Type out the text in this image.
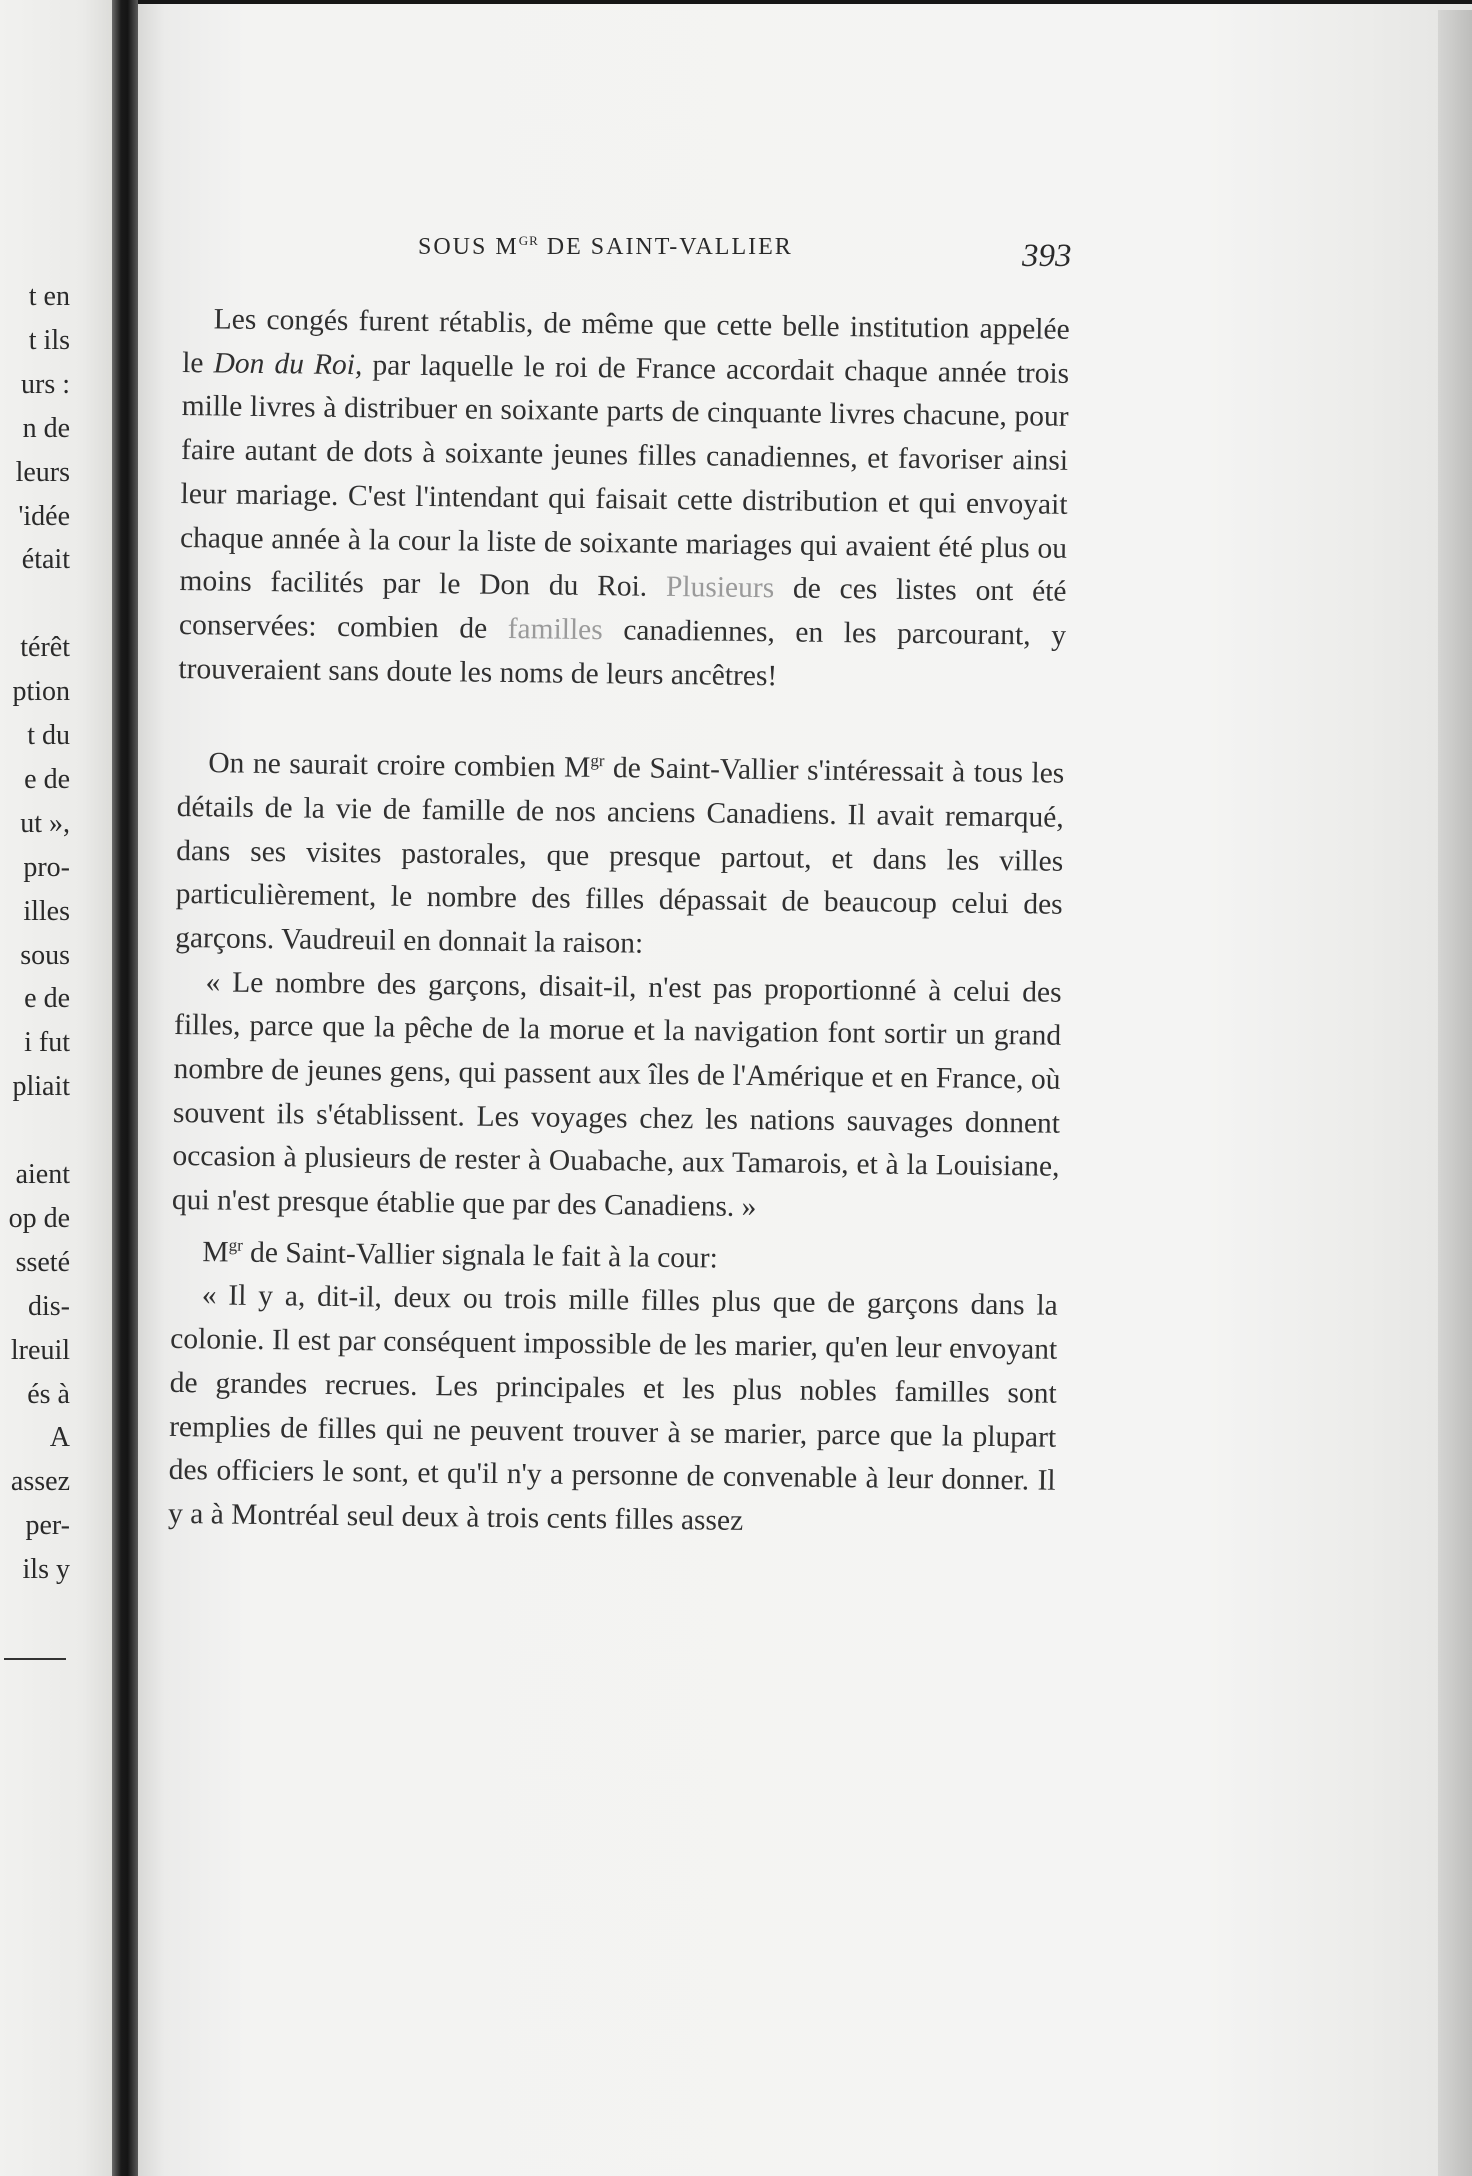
t en
t ils
urs :
n de
leurs
'idée
était
térêt
ption
t du
e de
ut »,
pro-
illes
sous
e de
i fut
pliait
aient
op de
sseté
dis-
lreuil
és à
A
assez
per-
ils y
SOUS $M^{GR}$ DE SAINT-VALLIER	393

Les congés furent rétablis, de même que cette belle institution appelée le Don du Roi, par laquelle le roi de France accordait chaque année trois mille livres à distribuer en soixante parts de cinquante livres chacune, pour faire autant de dots à soixante jeunes filles canadiennes, et favoriser ainsi leur mariage. C'est l'intendant qui faisait cette distribution et qui envoyait chaque année à la cour la liste de soixante mariages qui avaient été plus ou moins facilités par le Don du Roi. Plusieurs de ces listes ont été conservées: combien de familles canadiennes, en les parcourant, y trouveraient sans doute les noms de leurs ancêtres!

On ne saurait croire combien $M^{gr}$ de Saint-Vallier s'intéressait à tous les détails de la vie de famille de nos anciens Canadiens. Il avait remarqué, dans ses visites pastorales, que presque partout, et dans les villes particulièrement, le nombre des filles dépassait de beaucoup celui des garçons. Vaudreuil en donnait la raison:

« Le nombre des garçons, disait-il, n'est pas proportionné à celui des filles, parce que la pêche de la morue et la navigation font sortir un grand nombre de jeunes gens, qui passent aux îles de l'Amérique et en France, où souvent ils s'établissent. Les voyages chez les nations sauvages donnent occasion à plusieurs de rester à Ouabache, aux Tamarois, et à la Louisiane, qui n'est presque établie que par des Canadiens. »

$M^{gr}$ de Saint-Vallier signala le fait à la cour:

« Il y a, dit-il, deux ou trois mille filles plus que de garçons dans la colonie. Il est par conséquent impossible de les marier, qu'en leur envoyant de grandes recrues. Les principales et les plus nobles familles sont remplies de filles qui ne peuvent trouver à se marier, parce que la plupart des officiers le sont, et qu'il n'y a personne de convenable à leur donner. Il y a à Montréal seul deux à trois cents filles assez
